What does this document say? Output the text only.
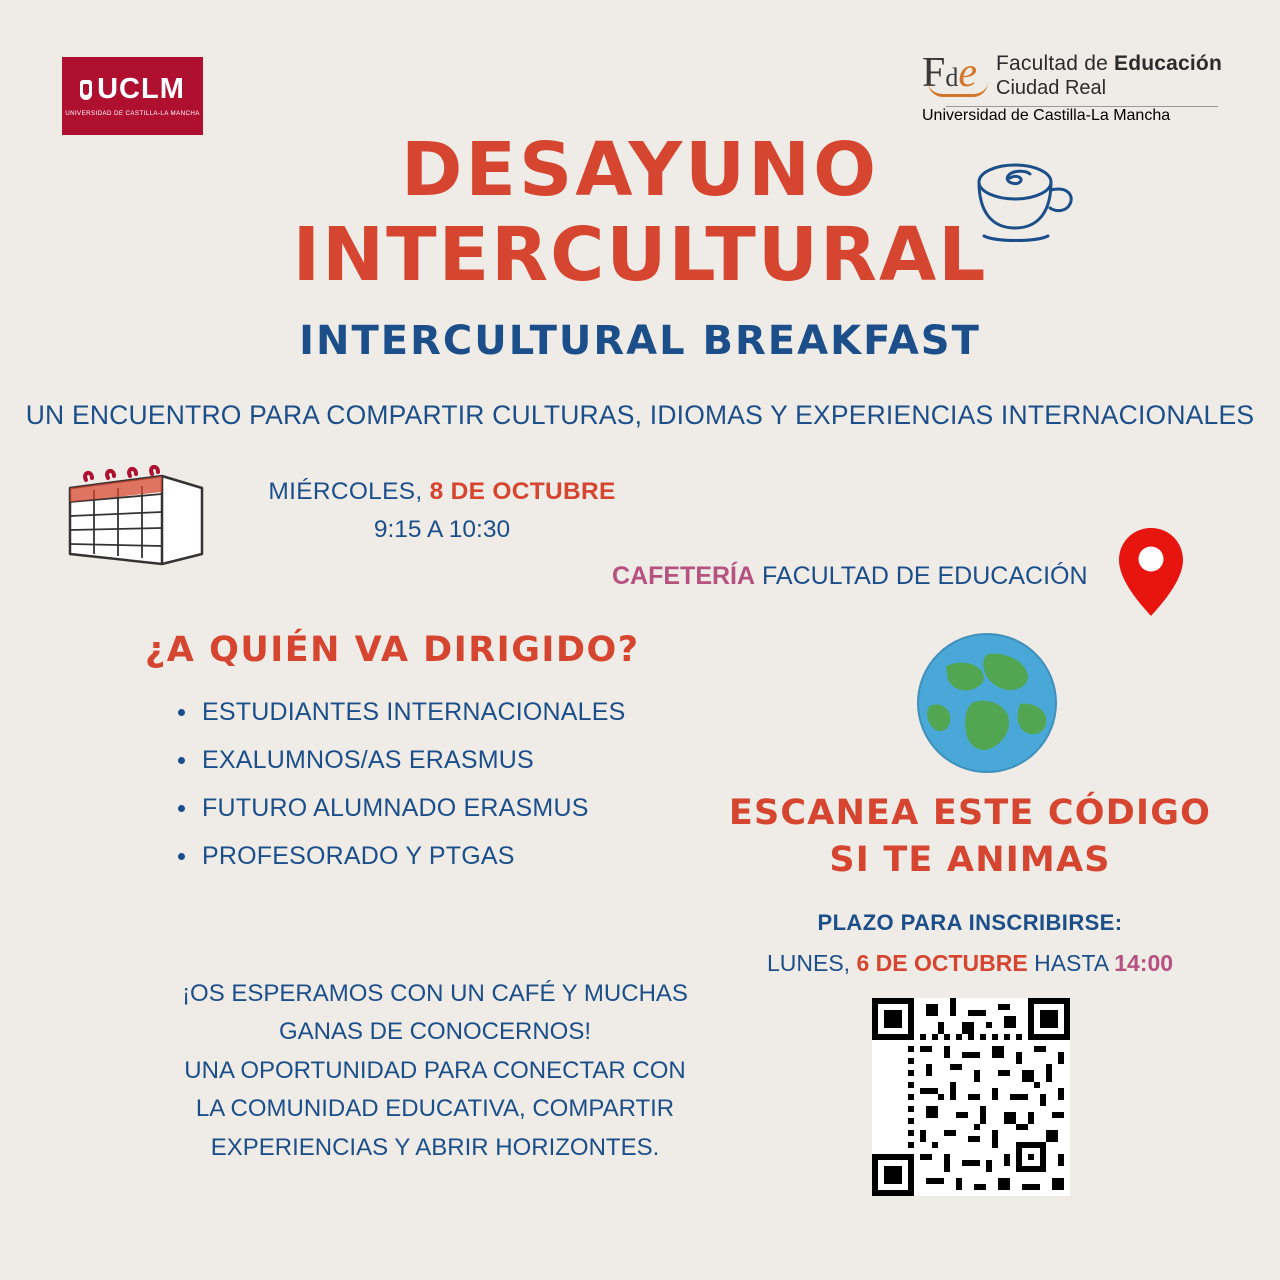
UCLM
UNIVERSIDAD DE CASTILLA-LA MANCHA
Fde Facultad de Educación
Ciudad Real
Universidad de Castilla-La Mancha
DESAYUNO
INTERCULTURAL
INTERCULTURAL BREAKFAST
UN ENCUENTRO PARA COMPARTIR CULTURAS, IDIOMAS Y EXPERIENCIAS INTERNACIONALES
MIÉRCOLES, 8 DE OCTUBRE
9:15 A 10:30
CAFETERÍA FACULTAD DE EDUCACIÓN
¿A QUIÉN VA DIRIGIDO?
ESTUDIANTES INTERNACIONALES
EXALUMNOS/AS ERASMUS
FUTURO ALUMNADO ERASMUS
PROFESORADO Y PTGAS
ESCANEA ESTE CÓDIGO
SI TE ANIMAS
PLAZO PARA INSCRIBIRSE:
LUNES, 6 DE OCTUBRE HASTA 14:00
¡OS ESPERAMOS CON UN CAFÉ Y MUCHAS
GANAS DE CONOCERNOS!
UNA OPORTUNIDAD PARA CONECTAR CON
LA COMUNIDAD EDUCATIVA, COMPARTIR
EXPERIENCIAS Y ABRIR HORIZONTES.
